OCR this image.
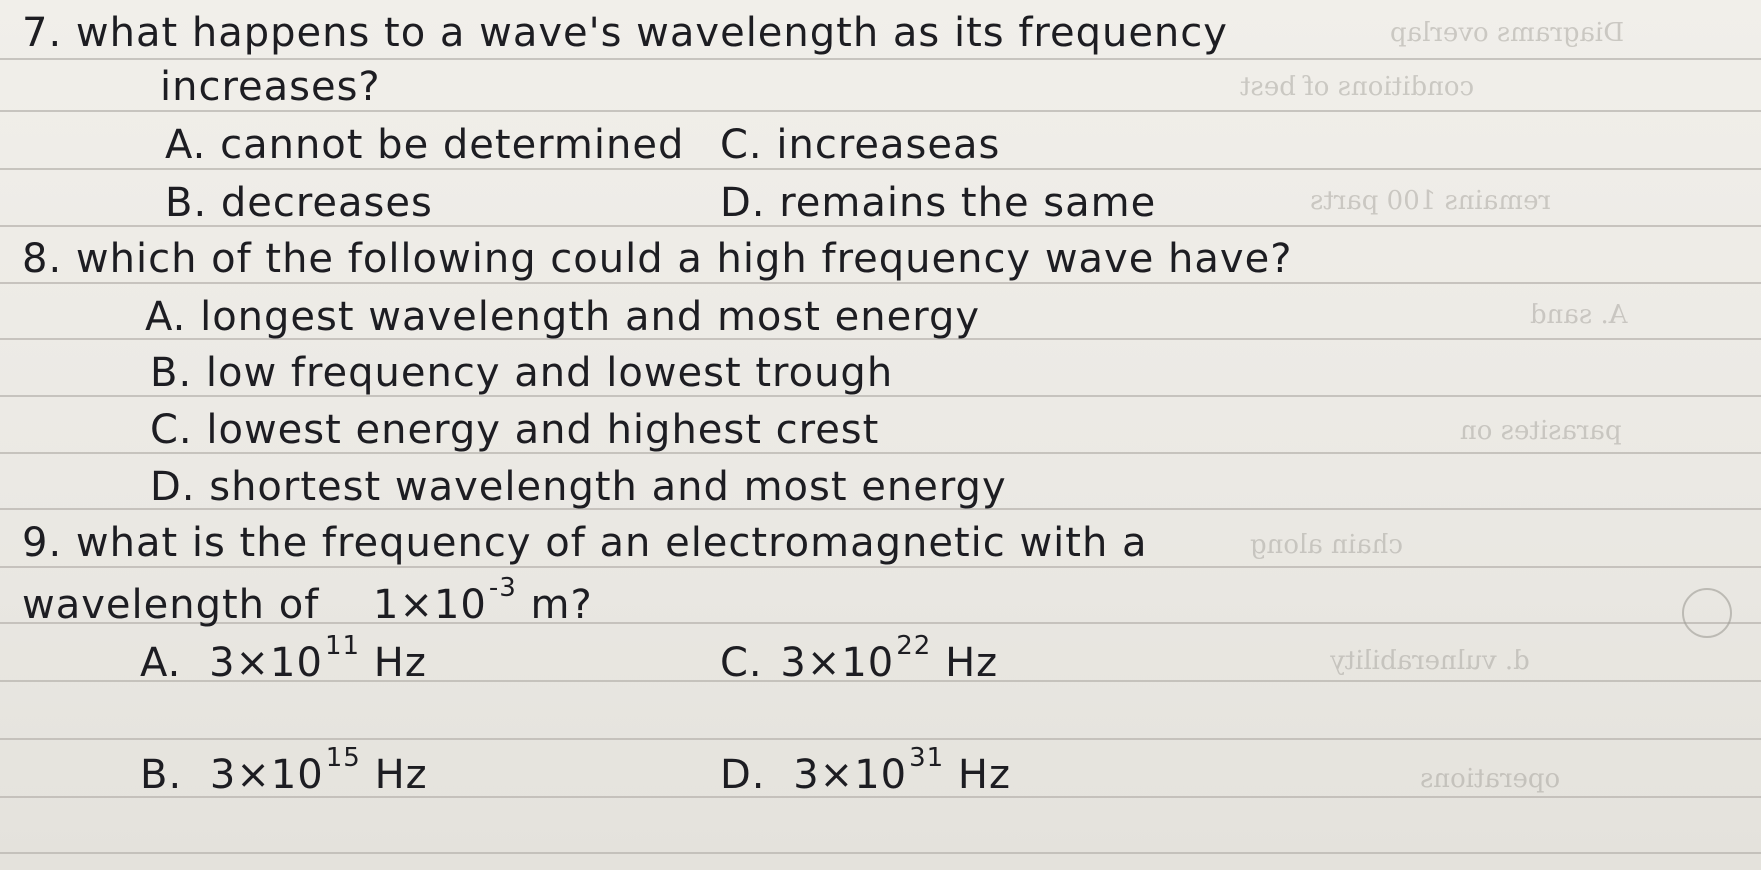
Diagrams overlap
conditions of best
remains 100 parts
A. sand
parasites on
chain along
d. vulnerability
operations
7. what happens to a wave's wavelength as its frequency
increases?
A. cannot be determined C. increaseas
B. decreases	D. remains the same
8. which of the following could a high frequency wave have?
A. longest wavelength and most energy
B. low frequency and lowest trough
C. lowest energy and highest crest
D. shortest wavelength and most energy
9. what is the frequency of an electromagnetic with a
wavelength of $1\times 10^{-3}$ m?
A. $3\times 10^{11}$ Hz	C. $3\times 10^{22}$ Hz
B. $3\times 10^{15}$ Hz	D. $3\times 10^{31}$ Hz
